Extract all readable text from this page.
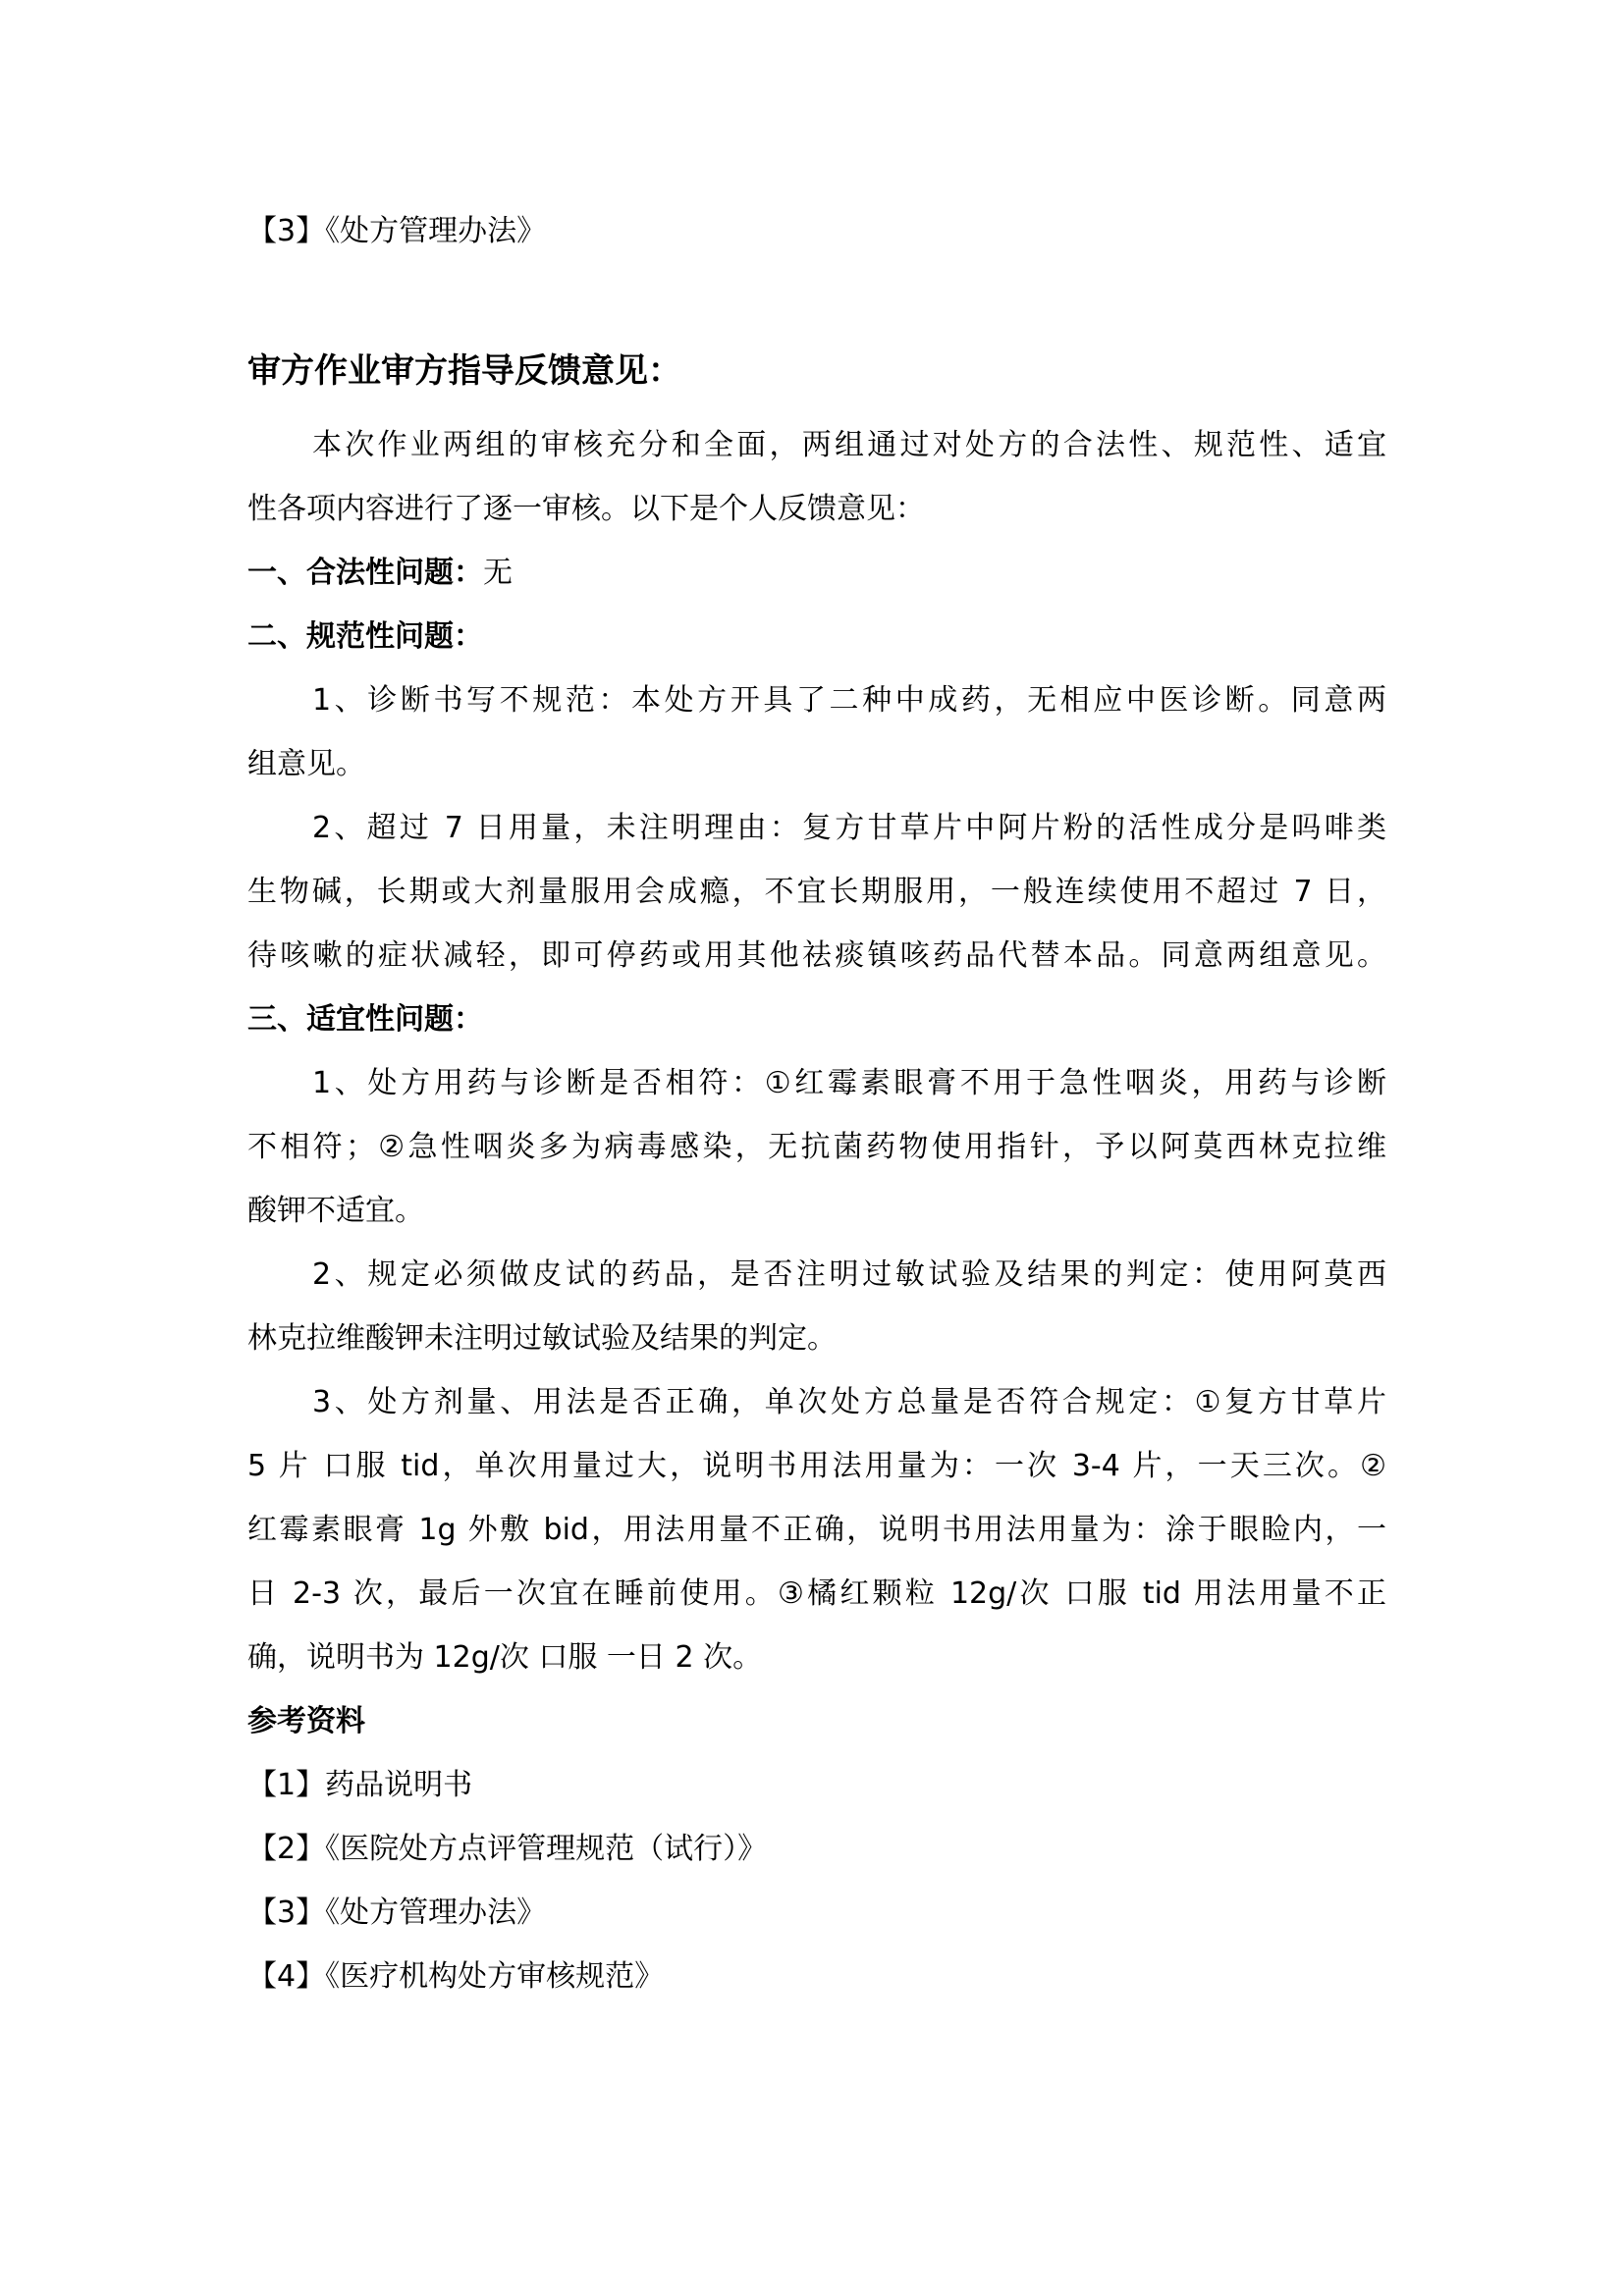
【3】《处方管理办法》
审方作业审方指导反馈意见：
本次作业两组的审核充分和全面，两组通过对处方的合法性、规范性、适宜
性各项内容进行了逐一审核。以下是个人反馈意见：
一、合法性问题：无
二、规范性问题：
1、诊断书写不规范：本处方开具了二种中成药，无相应中医诊断。同意两
组意见。
2、超过 7 日用量，未注明理由：复方甘草片中阿片粉的活性成分是吗啡类
生物碱，长期或大剂量服用会成瘾，不宜长期服用，一般连续使用不超过 7 日，
待咳嗽的症状减轻，即可停药或用其他祛痰镇咳药品代替本品。同意两组意见。
三、适宜性问题：
1、处方用药与诊断是否相符：①红霉素眼膏不用于急性咽炎，用药与诊断
不相符；②急性咽炎多为病毒感染，无抗菌药物使用指针，予以阿莫西林克拉维
酸钾不适宜。
2、规定必须做皮试的药品，是否注明过敏试验及结果的判定：使用阿莫西
林克拉维酸钾未注明过敏试验及结果的判定。
3、处方剂量、用法是否正确，单次处方总量是否符合规定：①复方甘草片
5 片 口服 tid，单次用量过大，说明书用法用量为：一次 3-4 片，一天三次。②
红霉素眼膏 1g 外敷 bid，用法用量不正确，说明书用法用量为：涂于眼睑内，一
日 2-3 次，最后一次宜在睡前使用。③橘红颗粒 12g/次 口服 tid 用法用量不正
确，说明书为 12g/次 口服 一日 2 次。
参考资料
【1】药品说明书
【2】《医院处方点评管理规范（试行）》
【3】《处方管理办法》
【4】《医疗机构处方审核规范》
